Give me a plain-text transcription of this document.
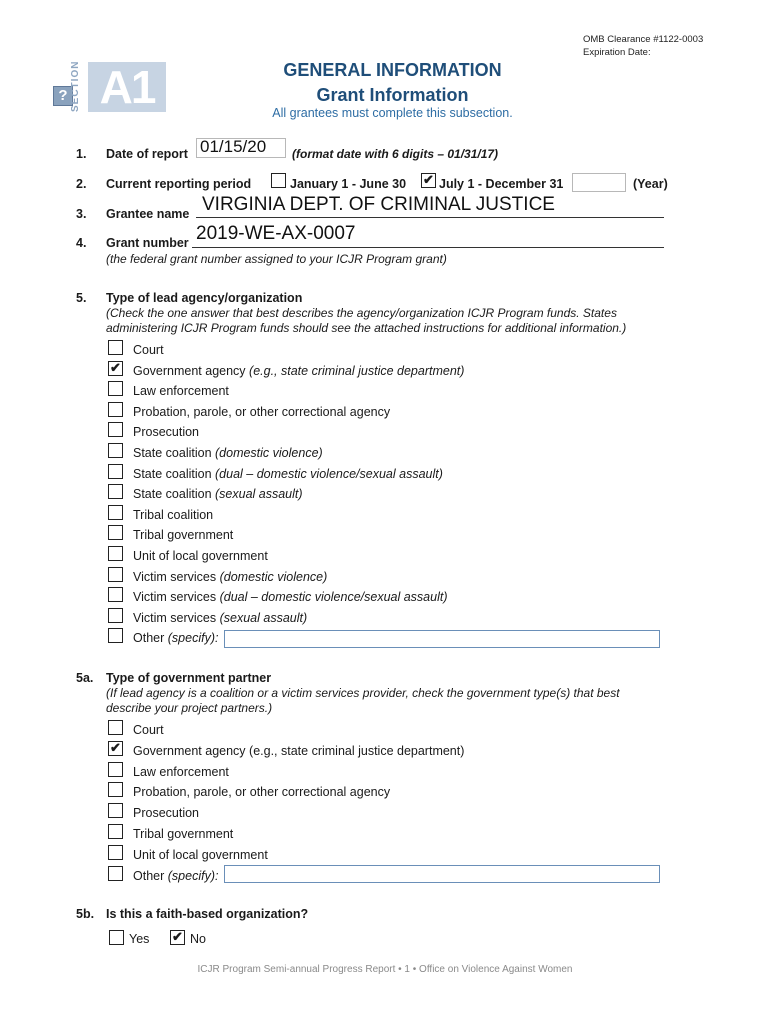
OMB Clearance #1122-0003
Expiration Date:
? SECTION A1	GENERAL INFORMATION
Grant Information
All grantees must complete this subsection.
1. Date of report 01/15/20 (format date with 6 digits – 01/31/17)
2. Current reporting period	January 1 - June 30 ✔ July 1 - December 31	(Year)
3. Grantee name VIRGINIA DEPT. OF CRIMINAL JUSTICE
4. Grant number 2019-WE-AX-0007
(the federal grant number assigned to your ICJR Program grant)
5. Type of lead agency/organization
(Check the one answer that best describes the agency/organization ICJR Program funds. States
administering ICJR Program funds should see the attached instructions for additional information.)
Court
✔ Government agency (e.g., state criminal justice department)
Law enforcement
Probation, parole, or other correctional agency
Prosecution
State coalition (domestic violence)
State coalition (dual – domestic violence/sexual assault)
State coalition (sexual assault)
Tribal coalition
Tribal government
Unit of local government
Victim services (domestic violence)
Victim services (dual – domestic violence/sexual assault)
Victim services (sexual assault)
Other (specify):
5a. Type of government partner
(If lead agency is a coalition or a victim services provider, check the government type(s) that best
describe your project partners.)
Court
✔ Government agency (e.g., state criminal justice department)
Law enforcement
Probation, parole, or other correctional agency
Prosecution
Tribal government
Unit of local government
Other (specify):
5b. Is this a faith-based organization?
Yes ✔ No
ICJR Program Semi-annual Progress Report • 1 • Office on Violence Against Women
